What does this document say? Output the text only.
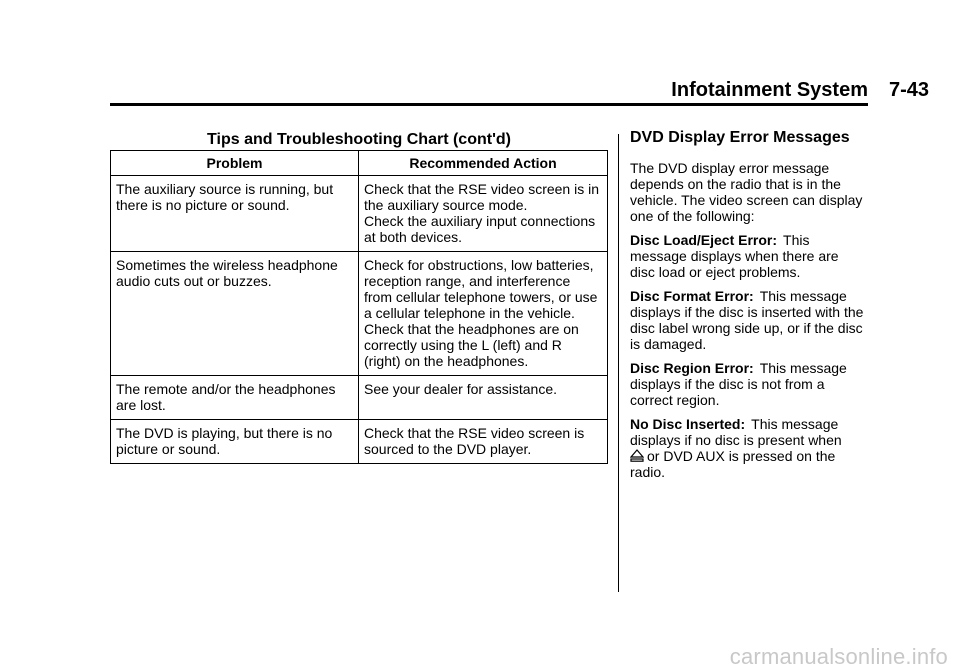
Infotainment System	7-43
Tips and Troubleshooting Chart (cont'd)
Problem	Recommended Action
The auxiliary source is running, but there is no picture or sound.	Check that the RSE video screen is in the auxiliary source mode.
Check the auxiliary input connections at both devices.

Sometimes the wireless headphone audio cuts out or buzzes.	Check for obstructions, low batteries, reception range, and interference from cellular telephone towers, or use a cellular telephone in the vehicle.
Check that the headphones are on correctly using the L (left) and R (right) on the headphones.

The remote and/or the headphones are lost.	See your dealer for assistance.

The DVD is playing, but there is no picture or sound.	Check that the RSE video screen is sourced to the DVD player.
DVD Display Error Messages

The DVD display error message depends on the radio that is in the vehicle. The video screen can display one of the following:

Disc Load/Eject Error: This message displays when there are disc load or eject problems.

Disc Format Error: This message displays if the disc is inserted with the disc label wrong side up, or if the disc is damaged.

Disc Region Error: This message displays if the disc is not from a correct region.

No Disc Inserted: This message displays if no disc is present when

or DVD AUX is pressed on the radio.

carmanualsonline.info
